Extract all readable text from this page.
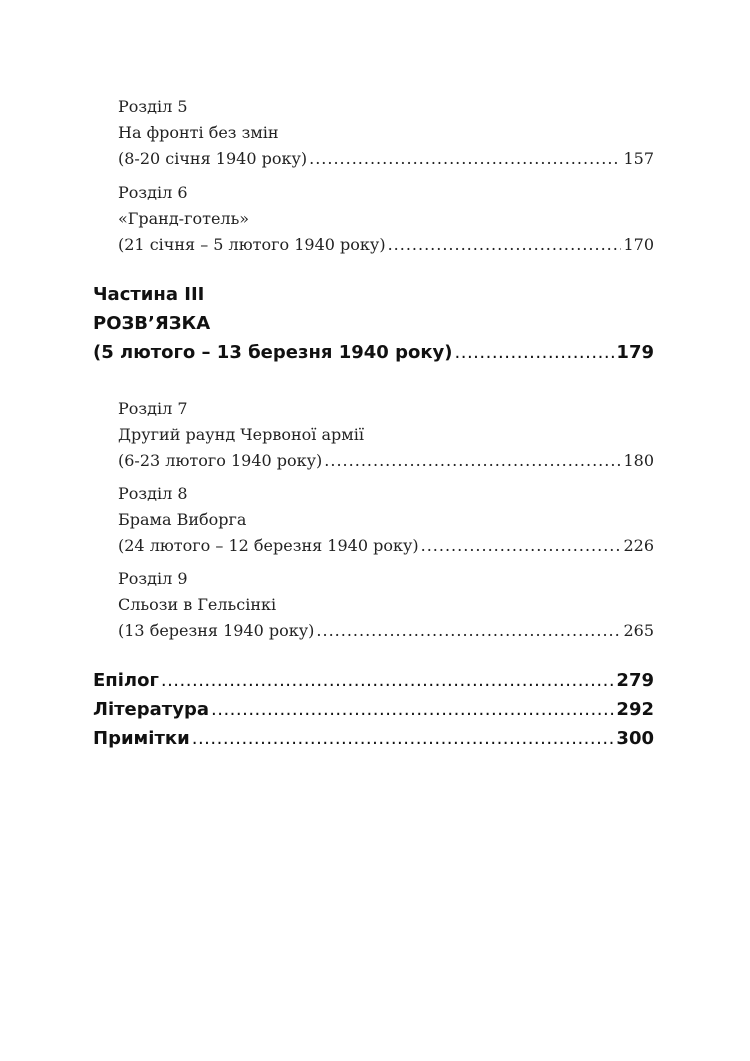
Розділ 5
На фронті без змін
(8-20 січня 1940 року) .....	157
Розділ 6
«Гранд-готель»
(21 січня – 5 лютого 1940 року) .....	170
Частина III
РОЗВ’ЯЗКА
(5 лютого – 13 березня 1940 року) .....	179
Розділ 7
Другий раунд Червоної армії
(6-23 лютого 1940 року) .....	180
Розділ 8
Брама Виборга
(24 лютого – 12 березня 1940 року) .....	226
Розділ 9
Сльози в Гельсінкі
(13 березня 1940 року) .....	265
Епілог .....	279
Література .....	292
Примітки .....	300
